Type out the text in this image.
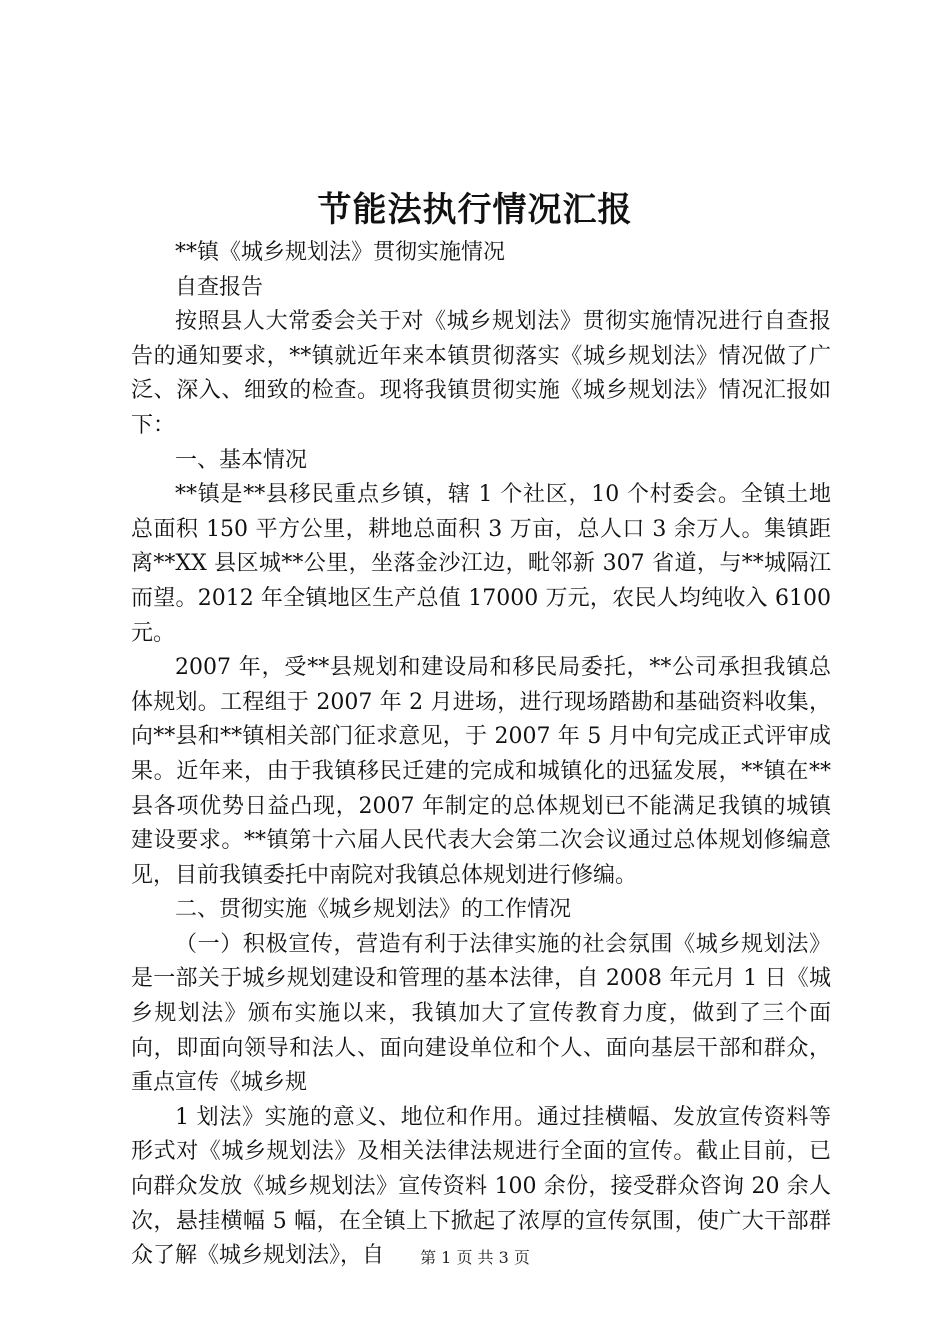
节能法执行情况汇报

**镇《城乡规划法》贯彻实施情况

自查报告

按照县人大常委会关于对《城乡规划法》贯彻实施情况进行自查报告的通知要求，**镇就近年来本镇贯彻落实《城乡规划法》情况做了广泛、深入、细致的检查。现将我镇贯彻实施《城乡规划法》情况汇报如下：

一、基本情况

**镇是**县移民重点乡镇，辖 1 个社区，10 个村委会。全镇土地总面积 150 平方公里，耕地总面积 3 万亩，总人口 3 余万人。集镇距离**XX 县区城**公里，坐落金沙江边，毗邻新 307 省道，与**城隔江而望。2012 年全镇地区生产总值 17000 万元，农民人均纯收入 6100 元。

2007 年，受**县规划和建设局和移民局委托，**公司承担我镇总体规划。工程组于 2007 年 2 月进场，进行现场踏勘和基础资料收集，向**县和**镇相关部门征求意见，于 2007 年 5 月中旬完成正式评审成果。近年来，由于我镇移民迁建的完成和城镇化的迅猛发展，**镇在**县各项优势日益凸现，2007 年制定的总体规划已不能满足我镇的城镇建设要求。**镇第十六届人民代表大会第二次会议通过总体规划修编意见，目前我镇委托中南院对我镇总体规划进行修编。

二、贯彻实施《城乡规划法》的工作情况

（一）积极宣传，营造有利于法律实施的社会氛围《城乡规划法》是一部关于城乡规划建设和管理的基本法律，自 2008 年元月 1 日《城乡规划法》颁布实施以来，我镇加大了宣传教育力度，做到了三个面向，即面向领导和法人、面向建设单位和个人、面向基层干部和群众，重点宣传《城乡规

1 划法》实施的意义、地位和作用。通过挂横幅、发放宣传资料等形式对《城乡规划法》及相关法律法规进行全面的宣传。截止目前，已向群众发放《城乡规划法》宣传资料 100 余份，接受群众咨询 20 余人次，悬挂横幅 5 幅，在全镇上下掀起了浓厚的宣传氛围，使广大干部群众了解《城乡规划法》，自	第 1 页 共 3 页
